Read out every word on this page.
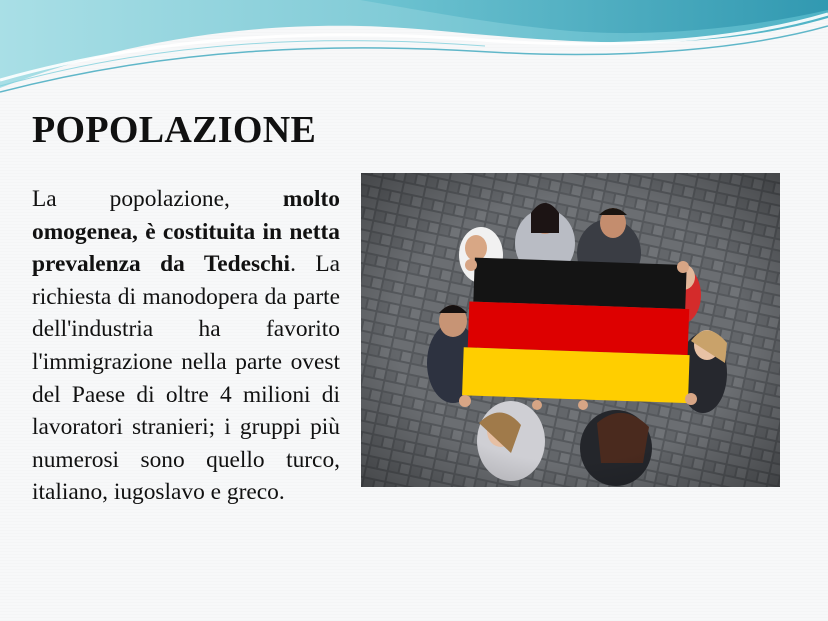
POPOLAZIONE

La popolazione, molto omogenea, è costituita in netta prevalenza da Tedeschi. La richiesta di manodopera da parte dell'industria ha favorito l'immigrazione nella parte ovest del Paese di oltre 4 milioni di lavoratori stranieri; i gruppi più numerosi sono quello turco, italiano, iugoslavo e greco.
